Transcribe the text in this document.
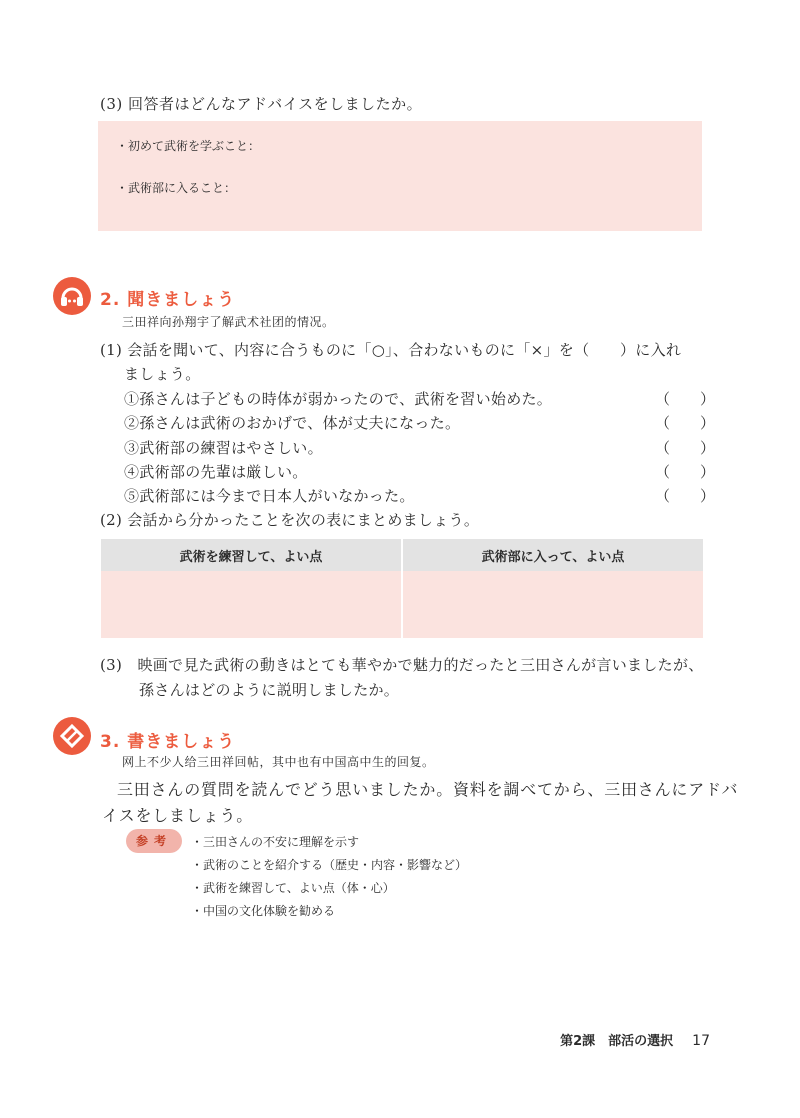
(3) 回答者はどんなアドバイスをしましたか。
・初めて武術を学ぶこと：
・武術部に入ること：
2. 聞きましょう
三田祥向孙翔宇了解武术社团的情况。
(1) 会話を聞いて、内容に合うものに「○」、合わないものに「×」を（　　）に入れ
ましょう。
①孫さんは子どもの時体が弱かったので、武術を習い始めた。	（　　）
②孫さんは武術のおかげで、体が丈夫になった。	（　　）
③武術部の練習はやさしい。	（　　）
④武術部の先輩は厳しい。	（　　）
⑤武術部には今まで日本人がいなかった。	（　　）
(2) 会話から分かったことを次の表にまとめましょう。
武術を練習して、よい点	武術部に入って、よい点

(3)　映画で見た武術の動きはとても華やかで魅力的だったと三田さんが言いましたが、
孫さんはどのように説明しましたか。
3. 書きましょう
网上不少人给三田祥回帖，其中也有中国高中生的回复。
三田さんの質問を読んでどう思いましたか。資料を調べてから、三田さんにアドバ
イスをしましょう。
参考	・三田さんの不安に理解を示す
・武術のことを紹介する（歴史・内容・影響など）
・武術を練習して、よい点（体・心）
・中国の文化体験を勧める
第2課　部活の選択 17
